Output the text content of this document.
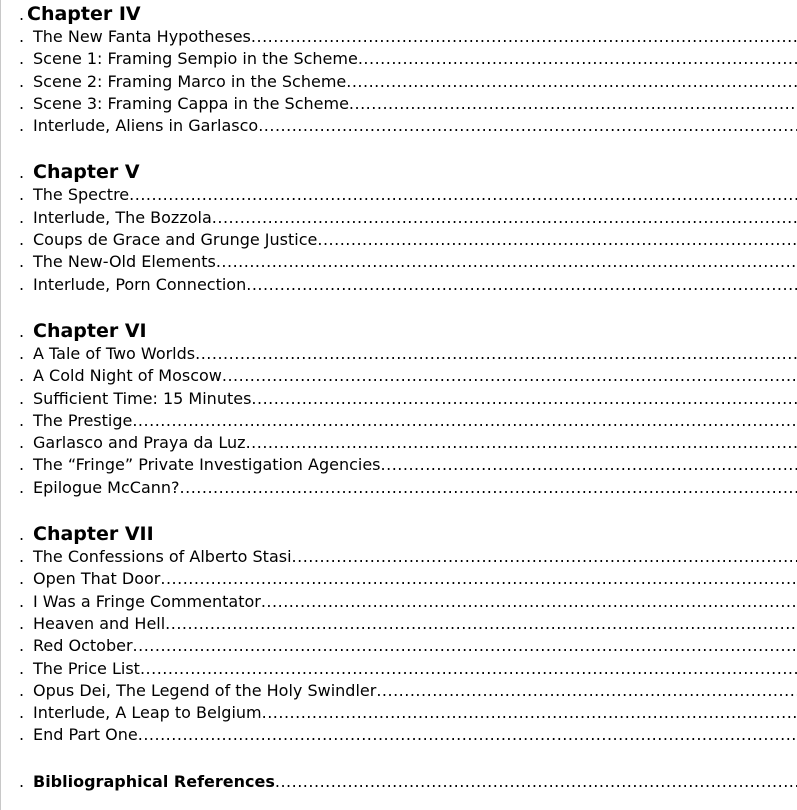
. Chapter IV
. The New Fanta Hypotheses
.....
. Scene 1: Framing Sempio in the Scheme
.....
. Scene 2: Framing Marco in the Scheme
.....
. Scene 3: Framing Cappa in the Scheme
.....
. Interlude, Aliens in Garlasco
.....
. Chapter V
. The Spectre
.....
. Interlude, The Bozzola
.....
. Coups de Grace and Grunge Justice
.....
. The New-Old Elements
.....
. Interlude, Porn Connection
.....
. Chapter VI
. A Tale of Two Worlds
.....
. A Cold Night of Moscow
.....
. Sufficient Time: 15 Minutes
.....
. The Prestige
.....
. Garlasco and Praya da Luz
.....
. The “Fringe” Private Investigation Agencies
.....
. Epilogue McCann?
.....
. Chapter VII
. The Confessions of Alberto Stasi
.....
. Open That Door
.....
. I Was a Fringe Commentator
.....
. Heaven and Hell
.....
. Red October
.....
. The Price List
.....
. Opus Dei, The Legend of the Holy Swindler
.....
. Interlude, A Leap to Belgium
.....
. End Part One
.....
. Bibliographical References
.....
